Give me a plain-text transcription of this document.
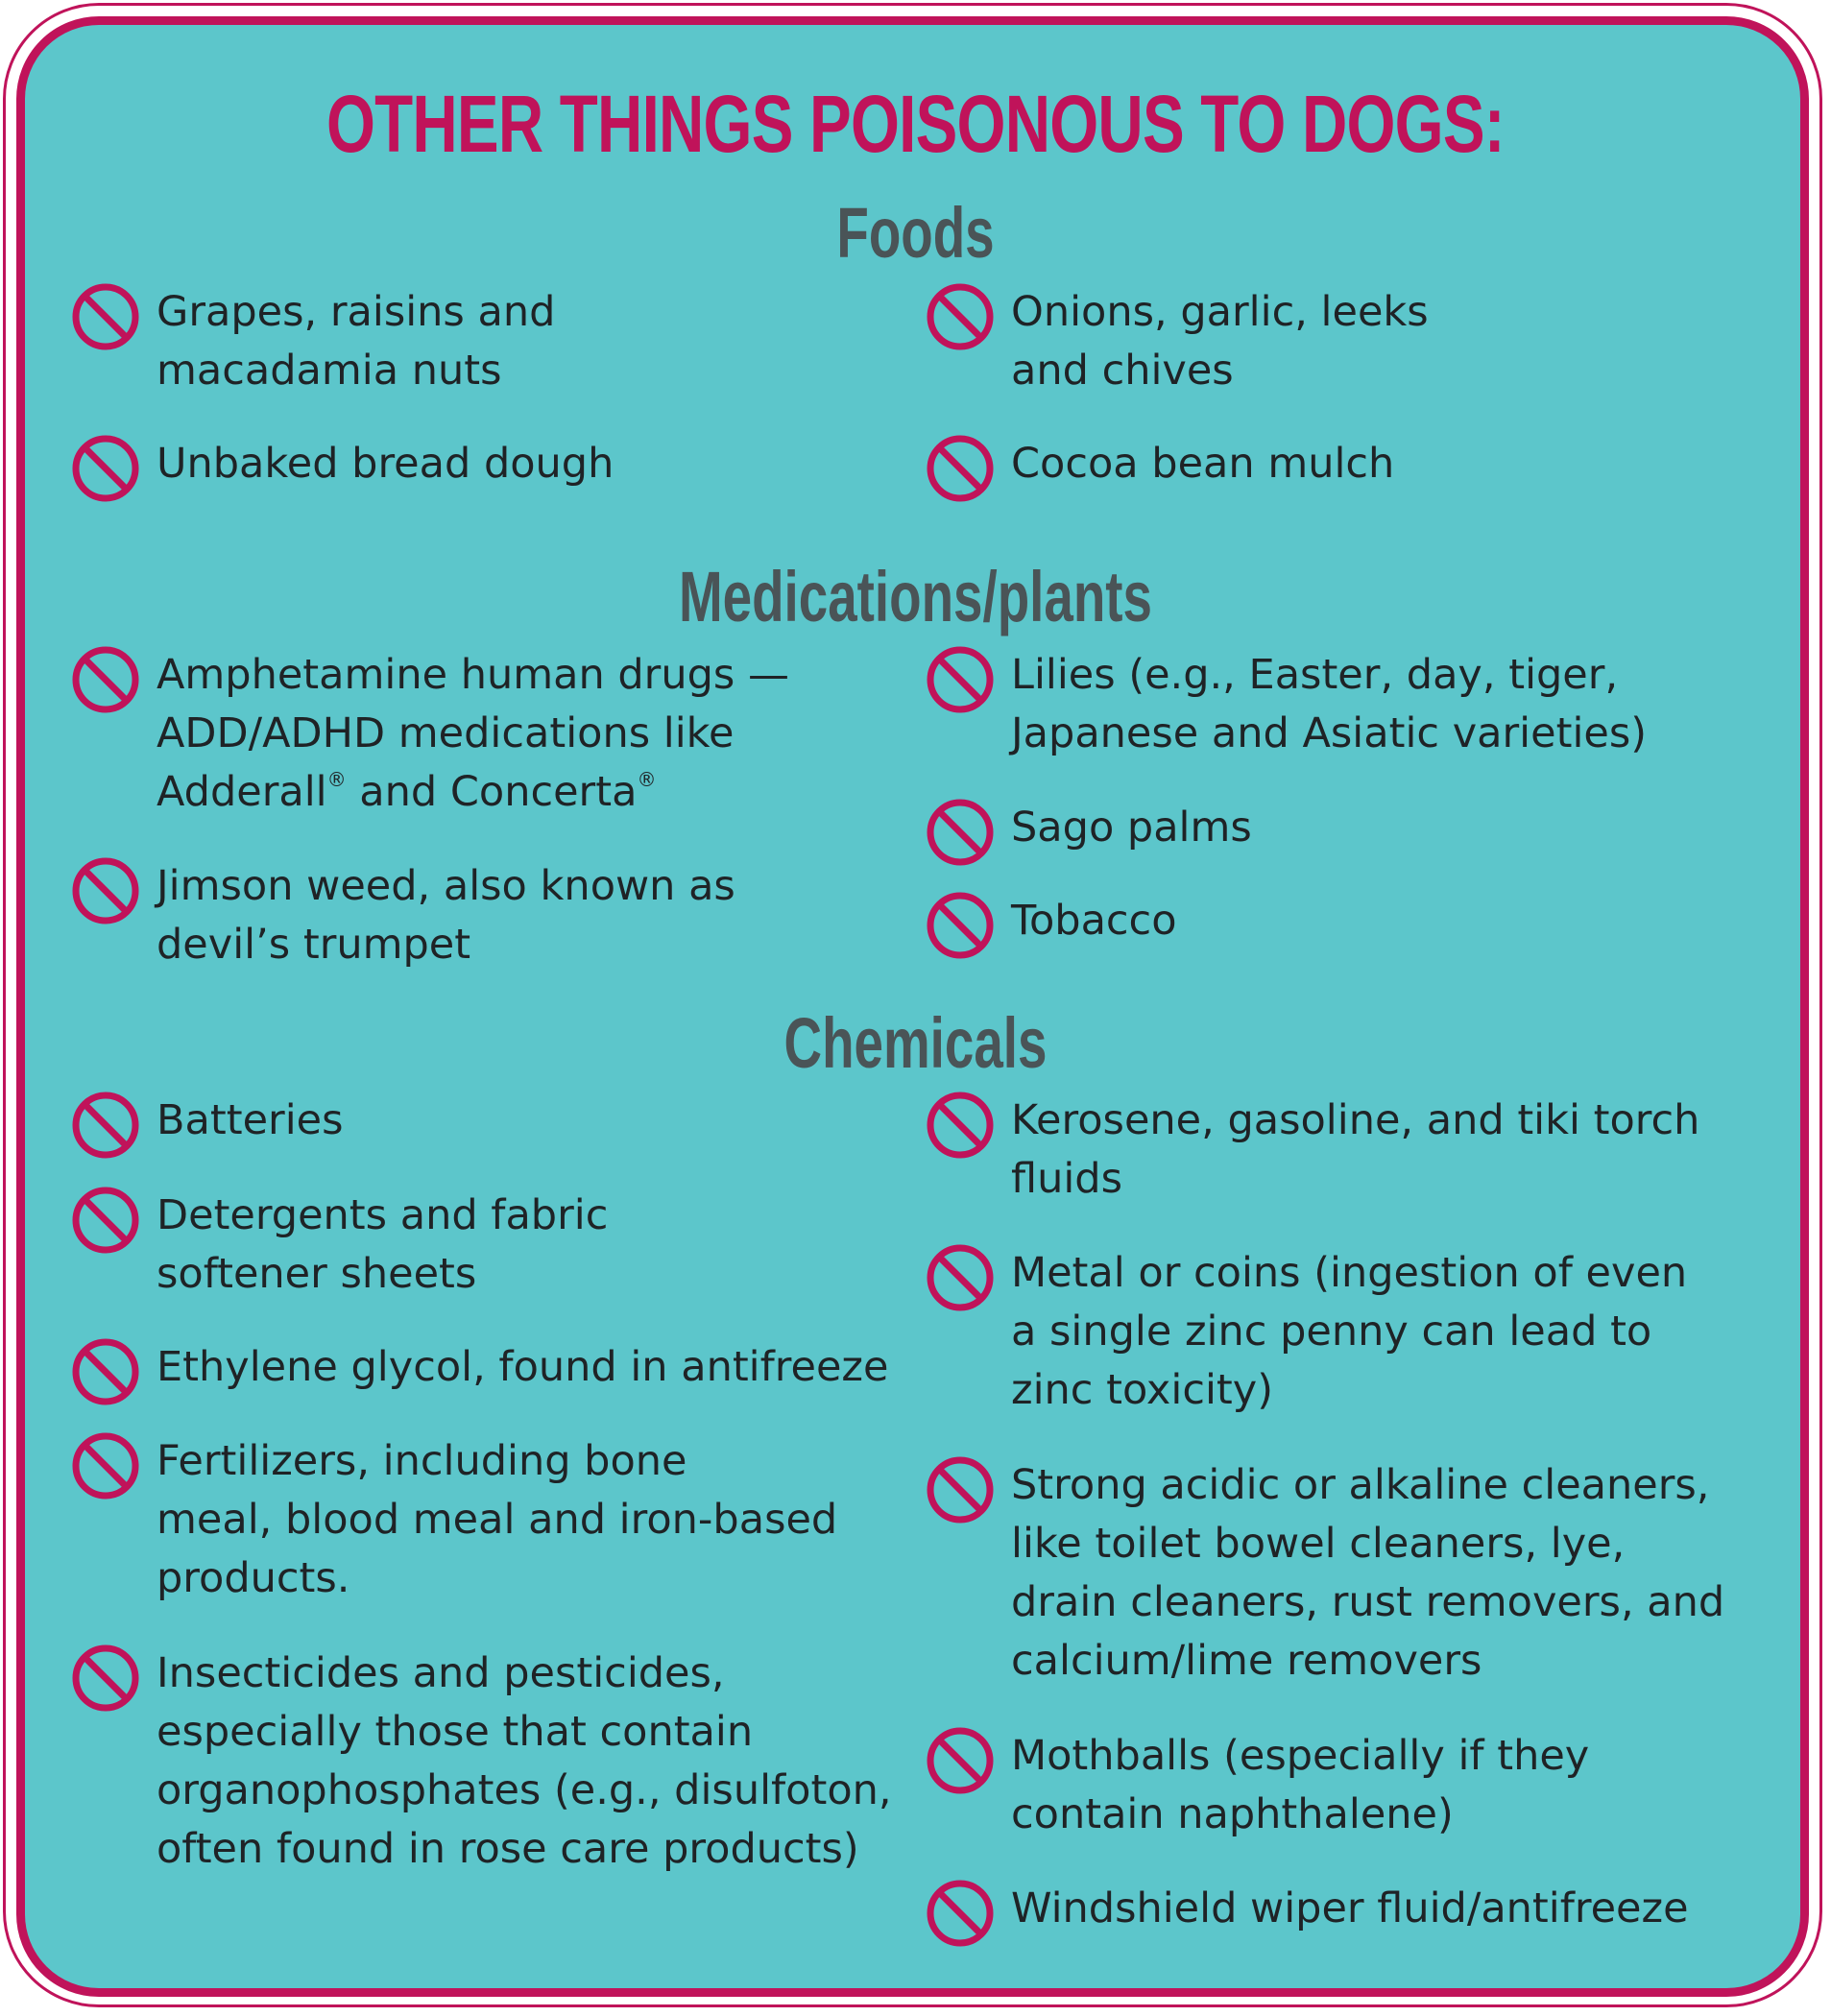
OTHER THINGS POISONOUS TO DOGS:
Foods
Grapes, raisins and
macadamia nuts
Onions, garlic, leeks
and chives
Unbaked bread dough	Cocoa bean mulch
Medications/plants
Amphetamine human drugs —
ADD/ADHD medications like
Adderall® and Concerta®
Lilies (e.g., Easter, day, tiger,
Japanese and Asiatic varieties)
Sago palms
Jimson weed, also known as
devil’s trumpet	Tobacco
Chemicals
Batteries	Kerosene, gasoline, and tiki torch
fluids
Detergents and fabric
softener sheets	Metal or coins (ingestion of even
a single zinc penny can lead to
zinc toxicity)
Ethylene glycol, found in antifreeze
Fertilizers, including bone
meal, blood meal and iron-based
products.
Strong acidic or alkaline cleaners,
like toilet bowel cleaners, lye,
drain cleaners, rust removers, and
calcium/lime removers
Insecticides and pesticides,
especially those that contain
organophosphates (e.g., disulfoton,
often found in rose care products)
Mothballs (especially if they
contain naphthalene)
Windshield wiper fluid/antifreeze
